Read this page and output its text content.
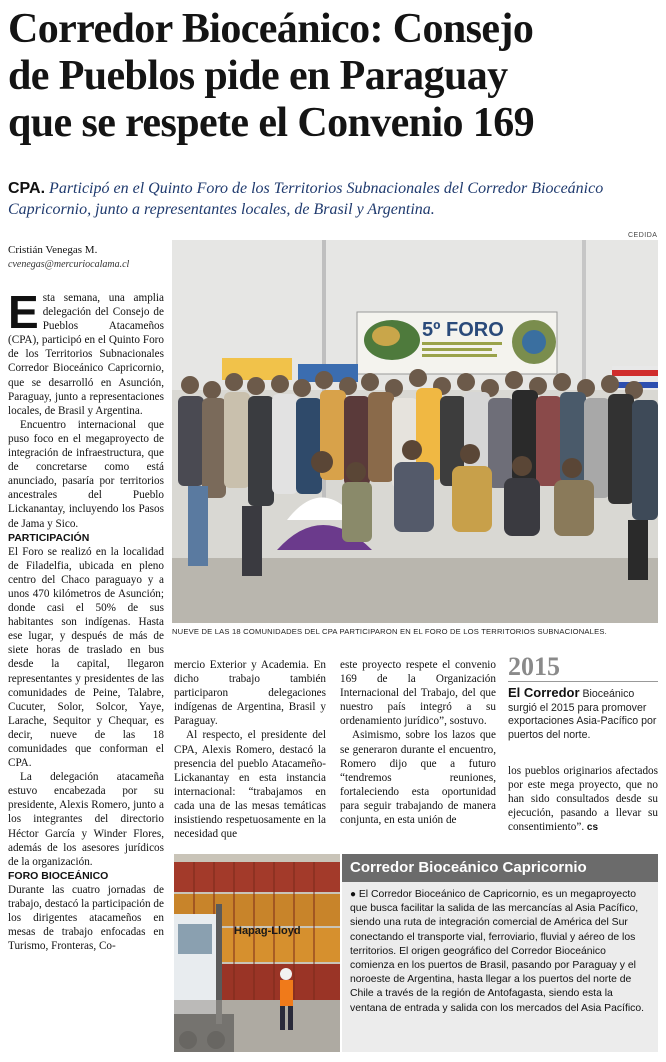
Corredor Bioceánico: Consejo
de Pueblos pide en Paraguay
que se respete el Convenio 169
CPA. Participó en el Quinto Foro de los Territorios Subnacionales del Corredor Bioceánico Capricornio, junto a representantes locales, de Brasil y Argentina.
Cristián Venegas M.
cvenegas@mercuriocalama.cl
CEDIDA
5º FORO
NUEVE DE LAS 18 COMUNIDADES DEL CPA PARTICIPARON EN EL FORO DE LOS TERRITORIOS SUBNACIONALES.

Esta semana, una amplia delegación del Consejo de Pueblos Atacameños (CPA), participó en el Quinto Foro de los Territorios Subnacionales Corredor Bioceánico Capricornio, que se desarrolló en Asunción, Paraguay, junto a representaciones locales, de Brasil y Argentina.

Encuentro internacional que puso foco en el megaproyecto de integración de infraestructura, que de concretarse como está anunciado, pasaría por territorios ancestrales del Pueblo Lickanantay, incluyendo los Pasos de Jama y Sico.

PARTICIPACIÓN

El Foro se realizó en la localidad de Filadelfia, ubicada en pleno centro del Chaco paraguayo y a unos 470 kilómetros de Asunción; donde casi el 50% de sus habitantes son indígenas. Hasta ese lugar, y después de más de siete horas de traslado en bus desde la capital, llegaron representantes y presidentes de las comunidades de Peine, Talabre, Cucuter, Solor, Solcor, Yaye, Larache, Sequitor y Chequar, es decir, nueve de las 18 comunidades que conforman el CPA.

La delegación atacameña estuvo encabezada por su presidente, Alexis Romero, junto a los integrantes del directorio Héctor García y Winder Flores, además de los asesores jurídicos de la organización.

FORO BIOCEÁNICO

Durante las cuatro jornadas de trabajo, destacó la participación de los dirigentes atacameños en mesas de trabajo enfocadas en Turismo, Fronteras, Co-

mercio Exterior y Academia. En dicho trabajo también participaron delegaciones indígenas de Argentina, Brasil y Paraguay.

Al respecto, el presidente del CPA, Alexis Romero, destacó la presencia del pueblo Atacameño-Lickanantay en esta instancia internacional: “trabajamos en cada una de las mesas temáticas insistiendo respetuosamente en la necesidad que

este proyecto respete el convenio 169 de la Organización Internacional del Trabajo, del que nuestro país integró a su ordenamiento jurídico”, sostuvo.

Asimismo, sobre los lazos que se generaron durante el encuentro, Romero dijo que a futuro “tendremos reuniones, fortaleciendo esta oportunidad para seguir trabajando de manera conjunta, en esta unión de

2015
El Corredor Bioceánico surgió el 2015 para promover exportaciones Asia-Pacífico por puertos del norte.

los pueblos originarios afectados por este mega proyecto, que no han sido consultados desde su ejecución, pasando a llevar su consentimiento”. cs

Hapag-Lloyd
Corredor Bioceánico Capricornio
● El Corredor Bioceánico de Capricornio, es un megaproyecto que busca facilitar la salida de las mercancías al Asia Pacífico, siendo una ruta de integración comercial de América del Sur conectando el transporte vial, ferroviario, fluvial y aéreo de los territorios. El origen geográfico del Corredor Bioceánico comienza en los puertos de Brasil, pasando por Paraguay y el noroeste de Argentina, hasta llegar a los puertos del norte de Chile a través de la región de Antofagasta, siendo esta la ventana de entrada y salida con los mercados del Asia Pacífico.
